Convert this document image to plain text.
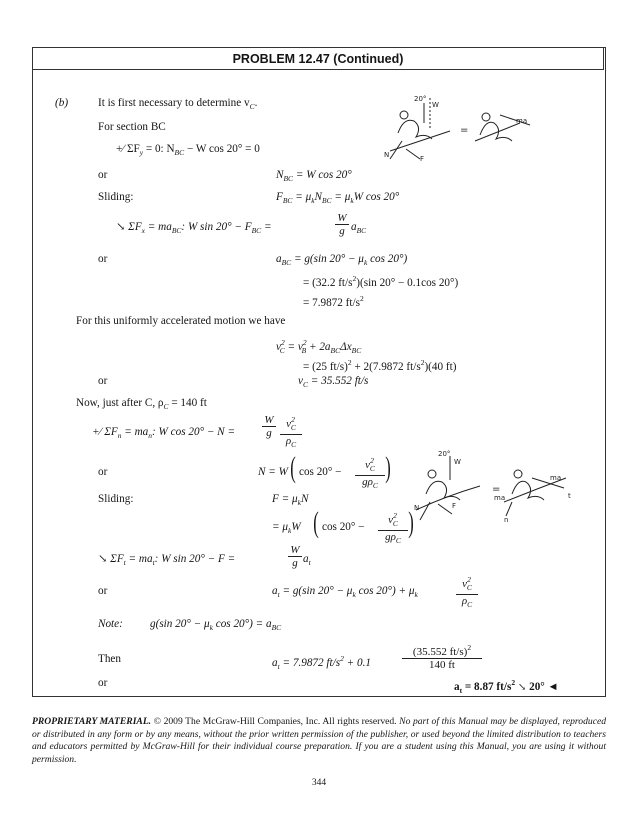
PROBLEM 12.47 (Continued)
(b)	It is first necessary to determine $v_C$.
For section BC
+∕ $\Sigma F_y = 0$: $N_{BC} - W$ cos 20° = 0
or	$N_{BC} = W$ cos 20°
Sliding:	$F_{BC} = \mu_kN_{BC} = \mu_kW$ cos 20°
↘ $\Sigma F_x = ma_{BC}$: W $\sin 20^\circ - F_{BC}$ =	$\frac{W}{g} a_{BC}$
or	$a_{BC} = g(\sin$ $20^\circ - \mu_k$ cos 20°)
= (32.2 $ft/s^2)(\sin$ 20° − 0.1cos 20°)
= 7.9872 $ft/s^2$
For this uniformly accelerated motion we have
$v^2_C = v^2_B + 2a_{BC}\Delta x_{BC}$
= (25 ft/s)$^2$ + 2(7.9872 $ft/s^2)(40$ ft)
or	$v_C = 35.552$ ft/s
Now, just after C, $\rho_C = 140$ ft
+∕ $\Sigma F_n = ma_n$: W $\cos 20^\circ - N = \frac{W}{g} \frac{v^2_C}{\rho_C}$
or	N = W ( cos 20° −
$v^2_C$
$g\rho_C$
)
Sliding:	$F = \mu_kN$
= $\mu_kW$ ( cos 20° −
$v^2_C$
$g\rho_C$
)
↘ $\Sigma F_t = ma_t$: W sin 20° − F =	$\frac{W}{g} a_t$
or	$a_t = g(\sin$ $20^\circ - \mu_k$ $\cos 20^\circ) + \mu_k$	$\frac{v^2_C}{\rho_C}$
Note: g(sin $20^\circ - \mu_k$ $\cos 20^\circ) = a_{BC}$
Then	$a_t = 7.9872$ $ft/s^2 + 0.1$	$\frac{(35.552 ft/s)^2}{140 ft}$
or	$a_t = 8.87$ $ft/s^2$ ↘ 20° ◄
20°
W
N	F
=
ma
20°
W
N	F
=
ma
ma
t
n
PROPRIETARY MATERIAL. © 2009 The McGraw-Hill Companies, Inc. All rights reserved. No part of this Manual may be displayed, reproduced or distributed in any form or by any means, without the prior written permission of the publisher, or used beyond the limited distribution to teachers and educators permitted by McGraw-Hill for their individual course preparation. If you are a student using this Manual, you are using it without permission.
344
